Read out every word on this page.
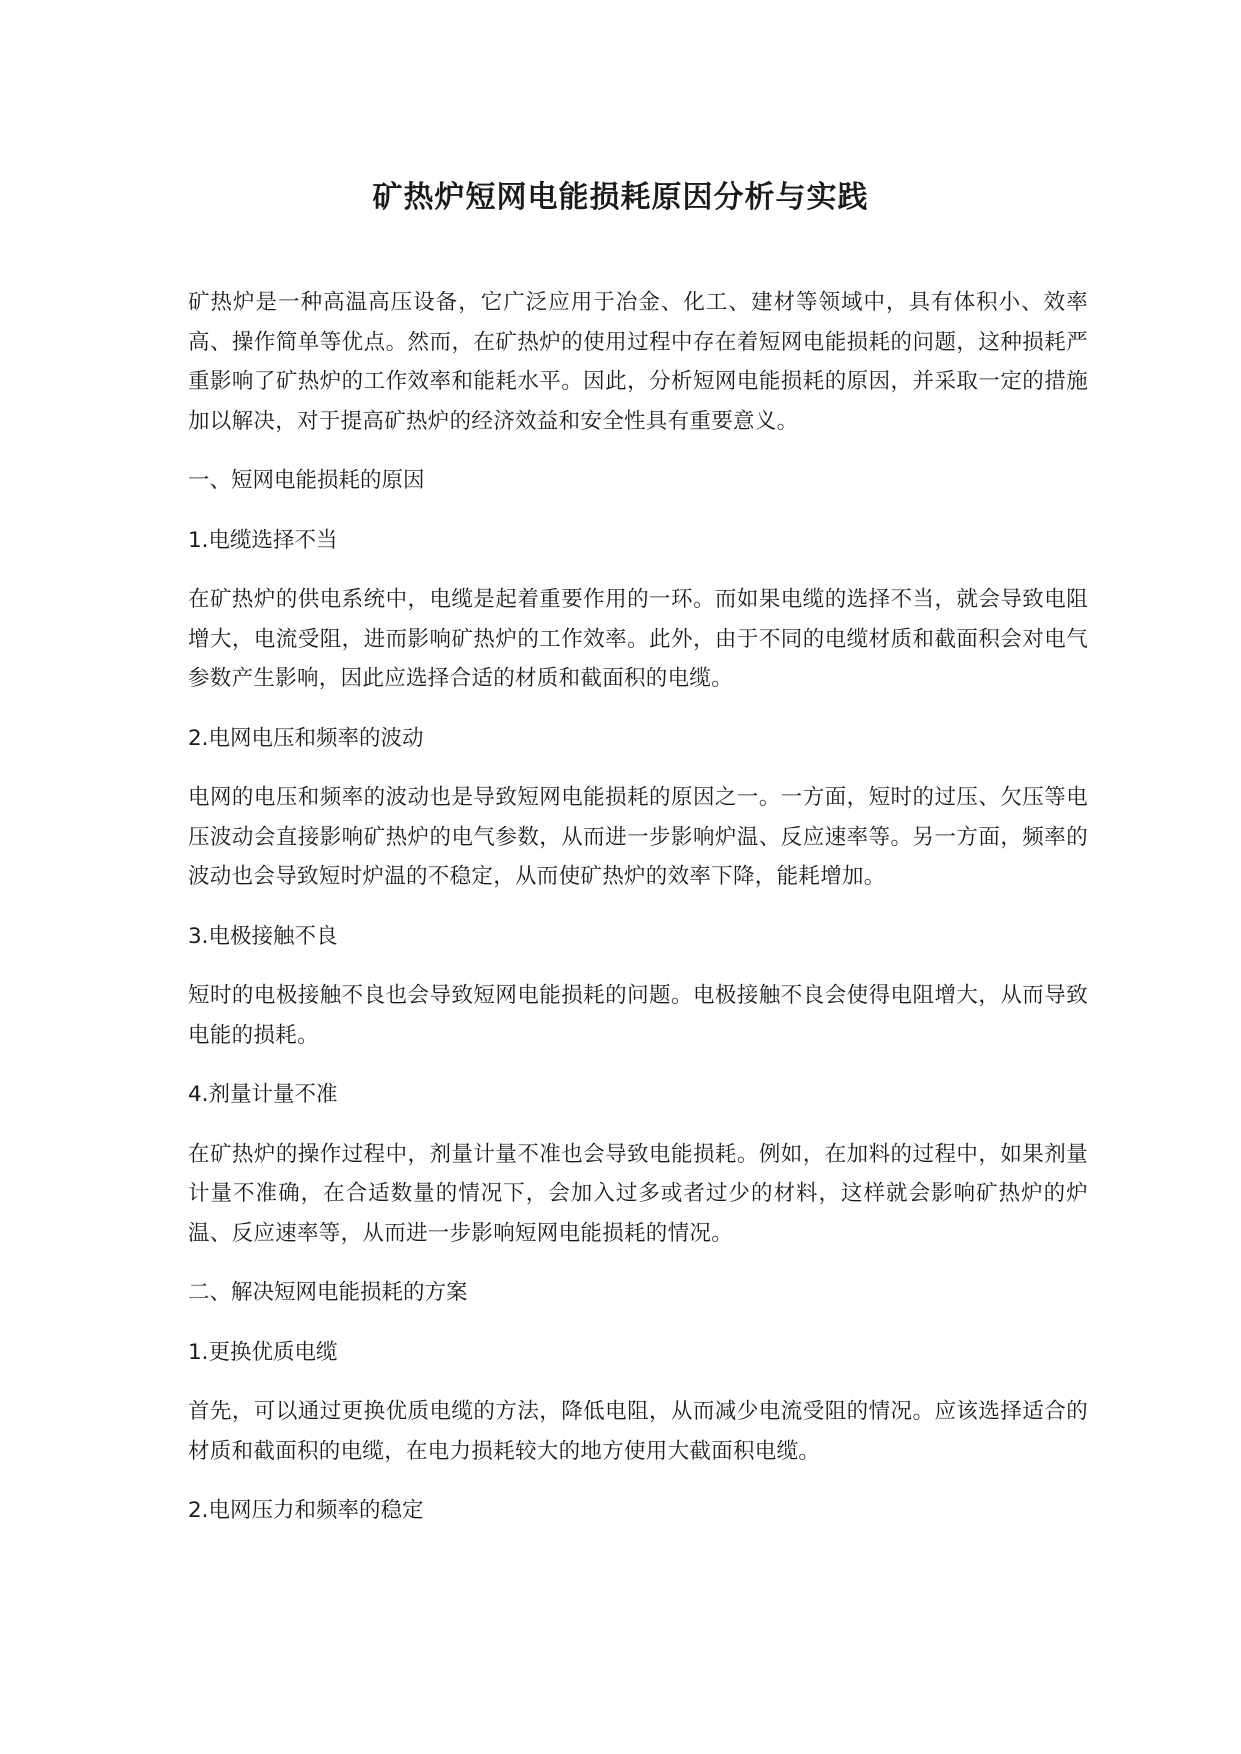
矿热炉短网电能损耗原因分析与实践

矿热炉是一种高温高压设备，它广泛应用于冶金、化工、建材等领域中，具有体积小、效率高、操作简单等优点。然而，在矿热炉的使用过程中存在着短网电能损耗的问题，这种损耗严重影响了矿热炉的工作效率和能耗水平。因此，分析短网电能损耗的原因，并采取一定的措施加以解决，对于提高矿热炉的经济效益和安全性具有重要意义。

一、短网电能损耗的原因

1.电缆选择不当

在矿热炉的供电系统中，电缆是起着重要作用的一环。而如果电缆的选择不当，就会导致电阻增大，电流受阻，进而影响矿热炉的工作效率。此外，由于不同的电缆材质和截面积会对电气参数产生影响，因此应选择合适的材质和截面积的电缆。

2.电网电压和频率的波动

电网的电压和频率的波动也是导致短网电能损耗的原因之一。一方面，短时的过压、欠压等电压波动会直接影响矿热炉的电气参数，从而进一步影响炉温、反应速率等。另一方面，频率的波动也会导致短时炉温的不稳定，从而使矿热炉的效率下降，能耗增加。

3.电极接触不良

短时的电极接触不良也会导致短网电能损耗的问题。电极接触不良会使得电阻增大，从而导致电能的损耗。

4.剂量计量不准

在矿热炉的操作过程中，剂量计量不准也会导致电能损耗。例如，在加料的过程中，如果剂量计量不准确，在合适数量的情况下，会加入过多或者过少的材料，这样就会影响矿热炉的炉温、反应速率等，从而进一步影响短网电能损耗的情况。

二、解决短网电能损耗的方案

1.更换优质电缆

首先，可以通过更换优质电缆的方法，降低电阻，从而减少电流受阻的情况。应该选择适合的材质和截面积的电缆，在电力损耗较大的地方使用大截面积电缆。

2.电网压力和频率的稳定
